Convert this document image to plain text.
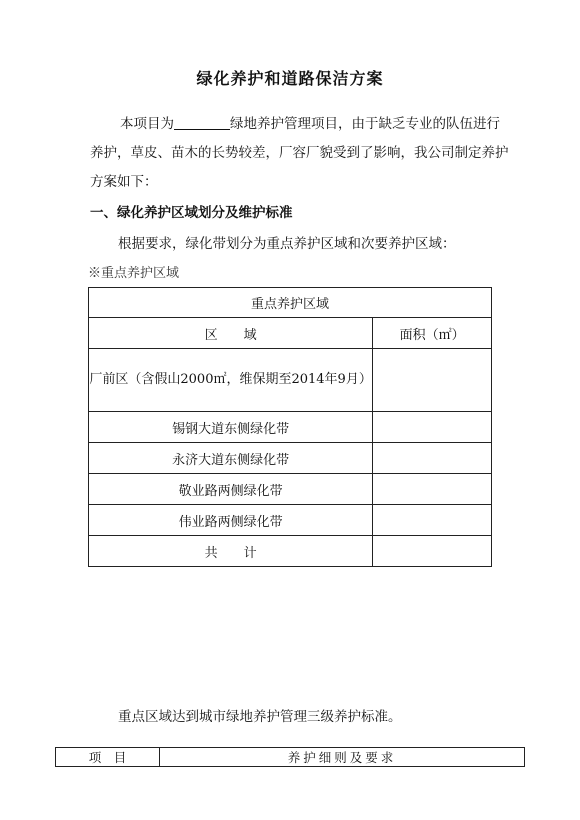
绿化养护和道路保洁方案
本项目为	绿地养护管理项目，由于缺乏专业的队伍进行养护，草皮、苗木的长势较差，厂容厂貌受到了影响，我公司制定养护方案如下：
一、绿化养护区域划分及维护标准
根据要求，绿化带划分为重点养护区域和次要养护区域：
※重点养护区域
重点养护区域	
区　　域	面积（㎡）
厂前区（含假山2000㎡，维保期至2014年9月）	
锡钢大道东侧绿化带	
永济大道东侧绿化带	
敬业路两侧绿化带	
伟业路两侧绿化带	
共　　计	
重点区域达到城市绿地养护管理三级养护标准。
项　目	养护细则及要求
